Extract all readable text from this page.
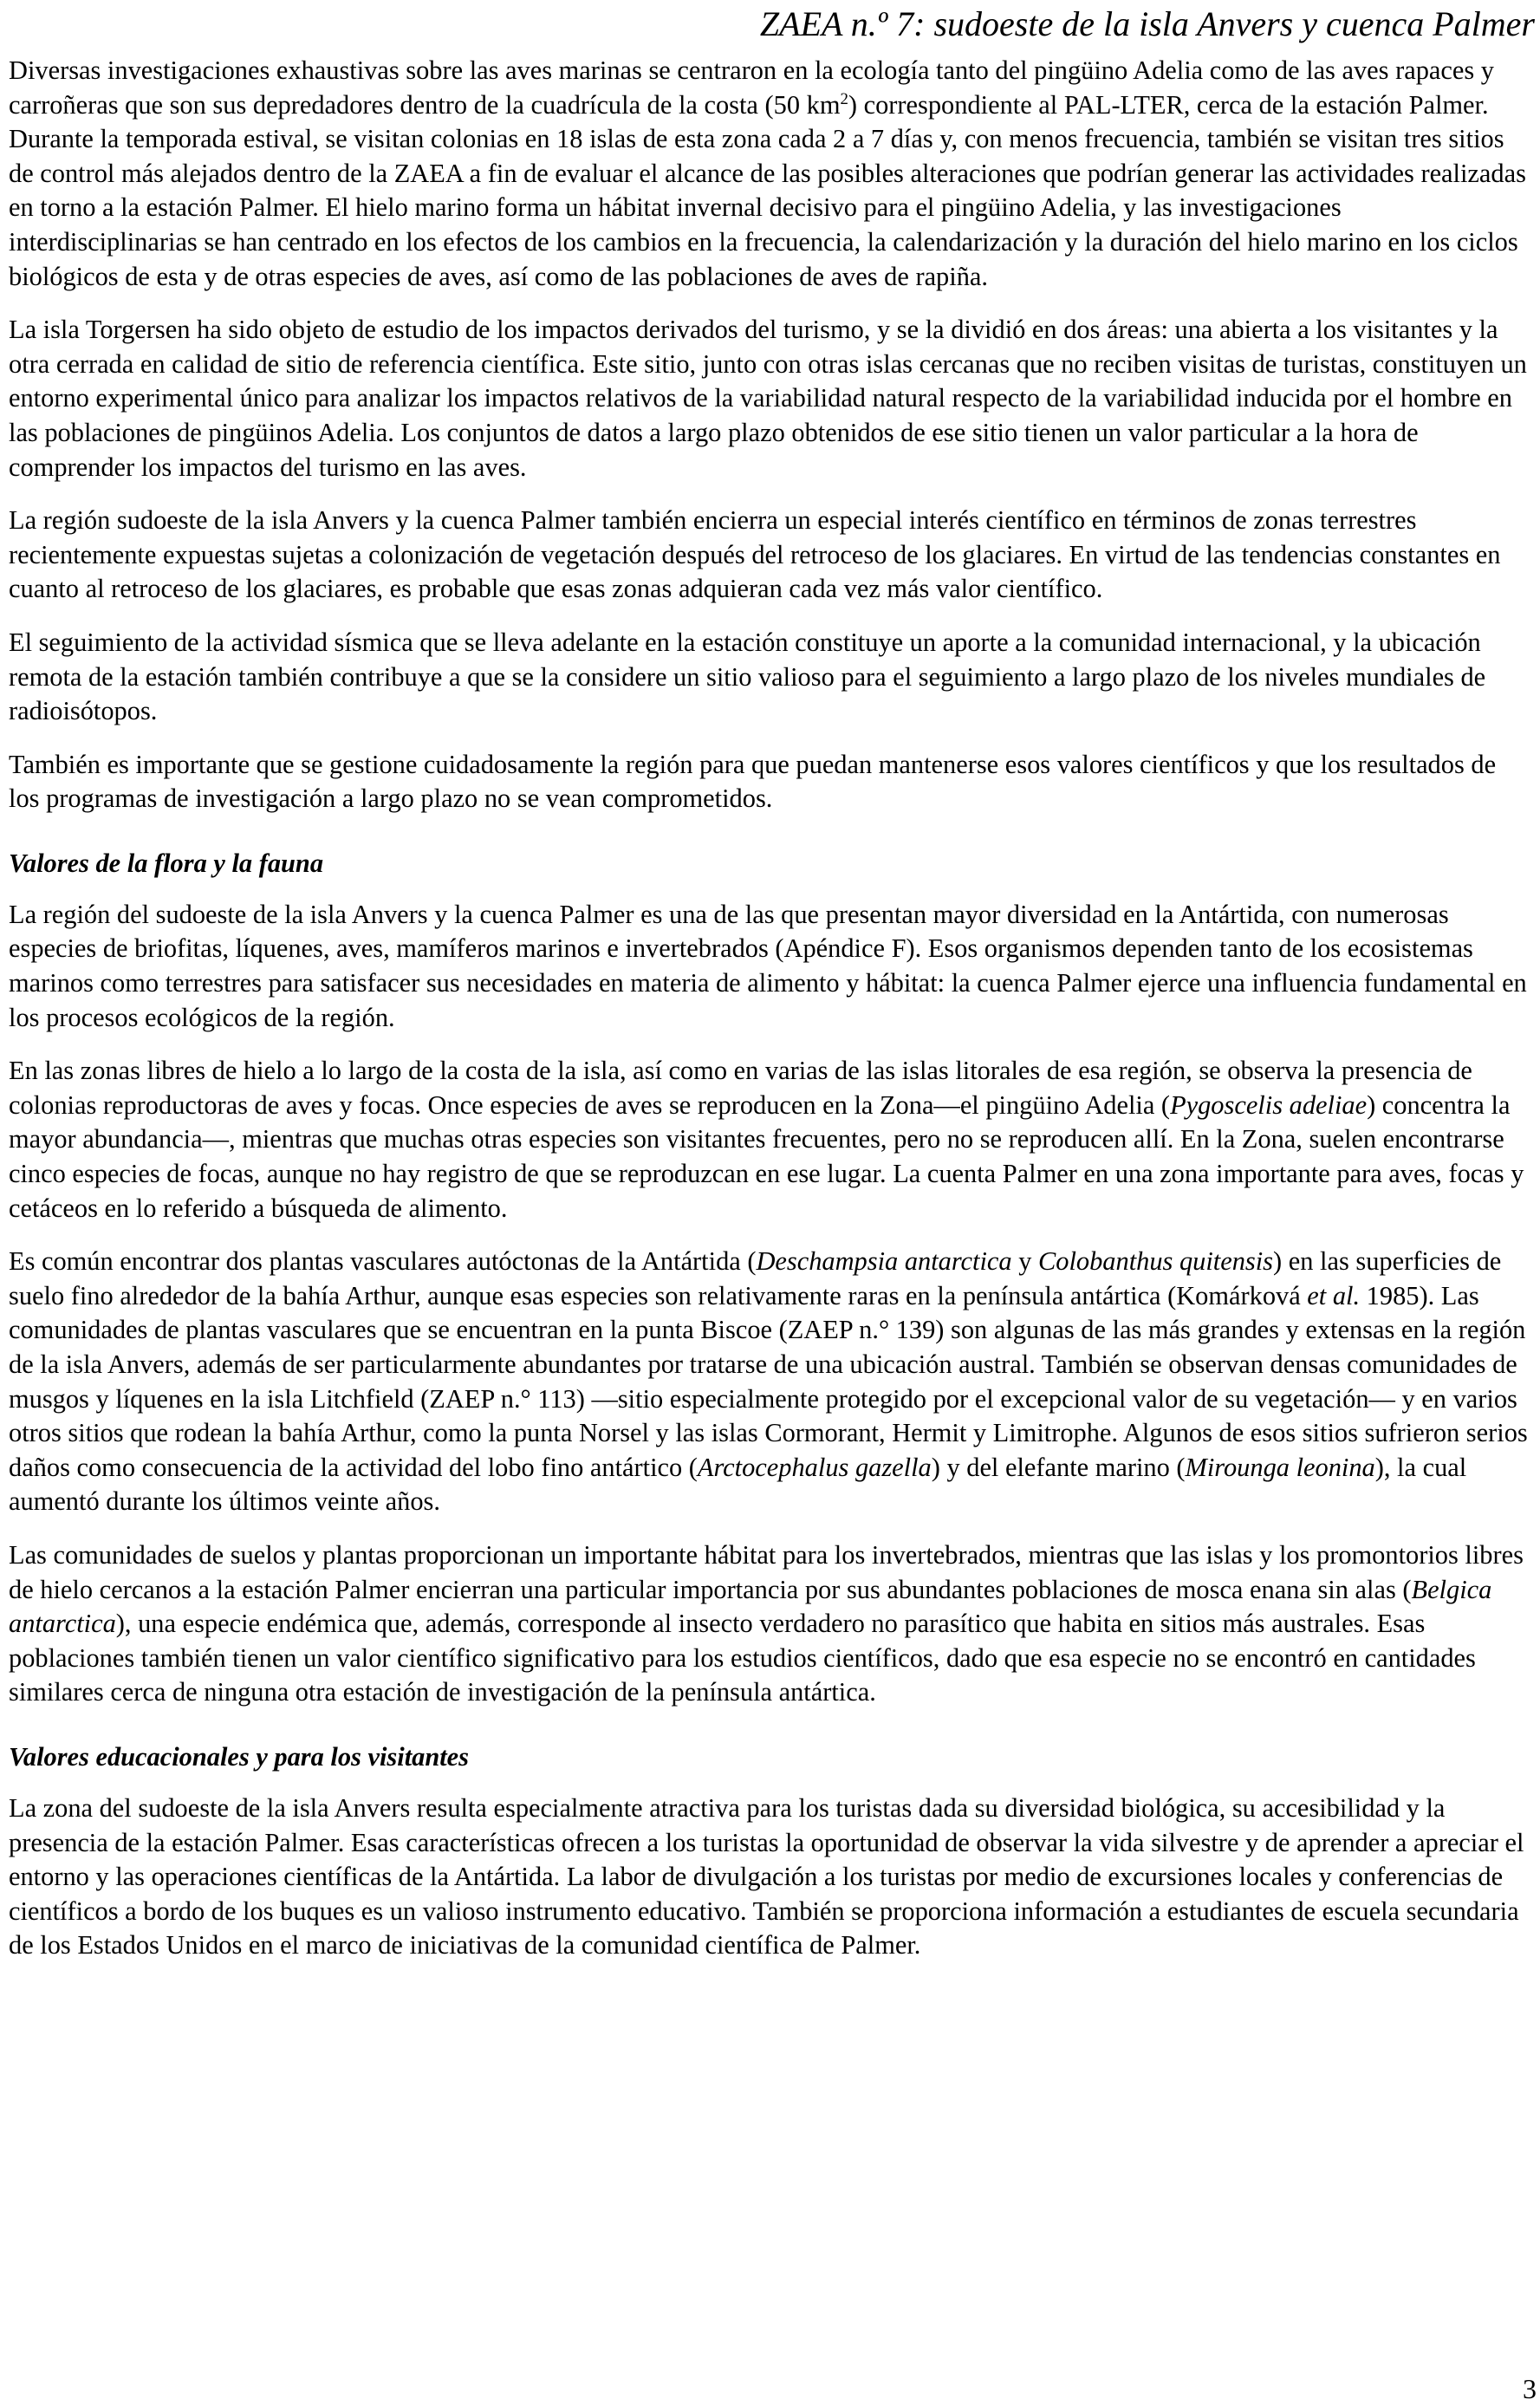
ZAEA n.º 7: sudoeste de la isla Anvers y cuenca Palmer

Diversas investigaciones exhaustivas sobre las aves marinas se centraron en la ecología tanto del pingüino Adelia como de las aves rapaces y carroñeras que son sus depredadores dentro de la cuadrícula de la costa (50 $km^2$) correspondiente al PAL-LTER, cerca de la estación Palmer. Durante la temporada estival, se visitan colonias en 18 islas de esta zona cada 2 a 7 días y, con menos frecuencia, también se visitan tres sitios de control más alejados dentro de la ZAEA a fin de evaluar el alcance de las posibles alteraciones que podrían generar las actividades realizadas en torno a la estación Palmer. El hielo marino forma un hábitat invernal decisivo para el pingüino Adelia, y las investigaciones interdisciplinarias se han centrado en los efectos de los cambios en la frecuencia, la calendarización y la duración del hielo marino en los ciclos biológicos de esta y de otras especies de aves, así como de las poblaciones de aves de rapiña.

La isla Torgersen ha sido objeto de estudio de los impactos derivados del turismo, y se la dividió en dos áreas: una abierta a los visitantes y la otra cerrada en calidad de sitio de referencia científica. Este sitio, junto con otras islas cercanas que no reciben visitas de turistas, constituyen un entorno experimental único para analizar los impactos relativos de la variabilidad natural respecto de la variabilidad inducida por el hombre en las poblaciones de pingüinos Adelia. Los conjuntos de datos a largo plazo obtenidos de ese sitio tienen un valor particular a la hora de comprender los impactos del turismo en las aves.

La región sudoeste de la isla Anvers y la cuenca Palmer también encierra un especial interés científico en términos de zonas terrestres recientemente expuestas sujetas a colonización de vegetación después del retroceso de los glaciares. En virtud de las tendencias constantes en cuanto al retroceso de los glaciares, es probable que esas zonas adquieran cada vez más valor científico.

El seguimiento de la actividad sísmica que se lleva adelante en la estación constituye un aporte a la comunidad internacional, y la ubicación remota de la estación también contribuye a que se la considere un sitio valioso para el seguimiento a largo plazo de los niveles mundiales de radioisótopos.

También es importante que se gestione cuidadosamente la región para que puedan mantenerse esos valores científicos y que los resultados de los programas de investigación a largo plazo no se vean comprometidos.

Valores de la flora y la fauna

La región del sudoeste de la isla Anvers y la cuenca Palmer es una de las que presentan mayor diversidad en la Antártida, con numerosas especies de briofitas, líquenes, aves, mamíferos marinos e invertebrados (Apéndice F). Esos organismos dependen tanto de los ecosistemas marinos como terrestres para satisfacer sus necesidades en materia de alimento y hábitat: la cuenca Palmer ejerce una influencia fundamental en los procesos ecológicos de la región.

En las zonas libres de hielo a lo largo de la costa de la isla, así como en varias de las islas litorales de esa región, se observa la presencia de colonias reproductoras de aves y focas. Once especies de aves se reproducen en la Zona—el pingüino Adelia (Pygoscelis adeliae) concentra la mayor abundancia—, mientras que muchas otras especies son visitantes frecuentes, pero no se reproducen allí. En la Zona, suelen encontrarse cinco especies de focas, aunque no hay registro de que se reproduzcan en ese lugar. La cuenta Palmer en una zona importante para aves, focas y cetáceos en lo referido a búsqueda de alimento.

Es común encontrar dos plantas vasculares autóctonas de la Antártida (Deschampsia antarctica y Colobanthus quitensis) en las superficies de suelo fino alrededor de la bahía Arthur, aunque esas especies son relativamente raras en la península antártica (Komárková et al. 1985). Las comunidades de plantas vasculares que se encuentran en la punta Biscoe (ZAEP n.° 139) son algunas de las más grandes y extensas en la región de la isla Anvers, además de ser particularmente abundantes por tratarse de una ubicación austral. También se observan densas comunidades de musgos y líquenes en la isla Litchfield (ZAEP n.° 113) —sitio especialmente protegido por el excepcional valor de su vegetación— y en varios otros sitios que rodean la bahía Arthur, como la punta Norsel y las islas Cormorant, Hermit y Limitrophe. Algunos de esos sitios sufrieron serios daños como consecuencia de la actividad del lobo fino antártico (Arctocephalus gazella) y del elefante marino (Mirounga leonina), la cual aumentó durante los últimos veinte años.

Las comunidades de suelos y plantas proporcionan un importante hábitat para los invertebrados, mientras que las islas y los promontorios libres de hielo cercanos a la estación Palmer encierran una particular importancia por sus abundantes poblaciones de mosca enana sin alas (Belgica antarctica), una especie endémica que, además, corresponde al insecto verdadero no parasítico que habita en sitios más australes. Esas poblaciones también tienen un valor científico significativo para los estudios científicos, dado que esa especie no se encontró en cantidades similares cerca de ninguna otra estación de investigación de la península antártica.

Valores educacionales y para los visitantes

La zona del sudoeste de la isla Anvers resulta especialmente atractiva para los turistas dada su diversidad biológica, su accesibilidad y la presencia de la estación Palmer. Esas características ofrecen a los turistas la oportunidad de observar la vida silvestre y de aprender a apreciar el entorno y las operaciones científicas de la Antártida. La labor de divulgación a los turistas por medio de excursiones locales y conferencias de científicos a bordo de los buques es un valioso instrumento educativo. También se proporciona información a estudiantes de escuela secundaria de los Estados Unidos en el marco de iniciativas de la comunidad científica de Palmer.

3
